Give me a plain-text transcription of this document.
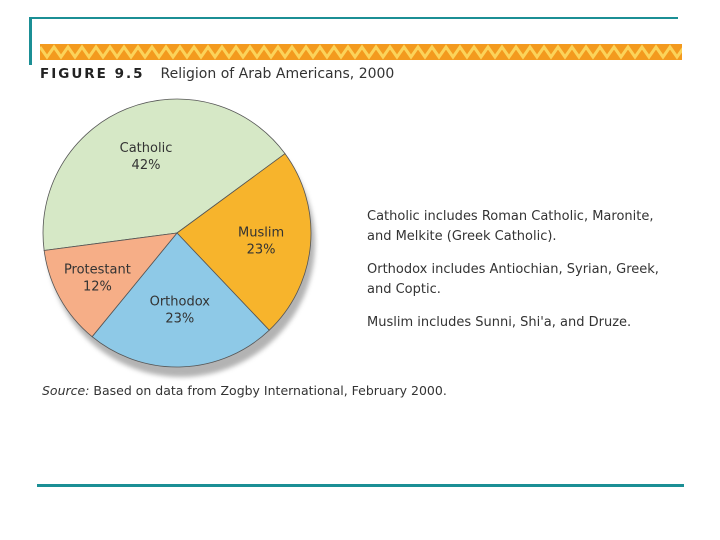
FIGURE 9.5 Religion of Arab Americans, 2000
Catholic
42%
Muslim
23%
Orthodox
23%
Protestant
12%

Catholic includes Roman Catholic, Maronite, and Melkite (Greek Catholic).

Orthodox includes Antiochian, Syrian, Greek, and Coptic.

Muslim includes Sunni, Shi'a, and Druze.

Source: Based on data from Zogby International, February 2000.
